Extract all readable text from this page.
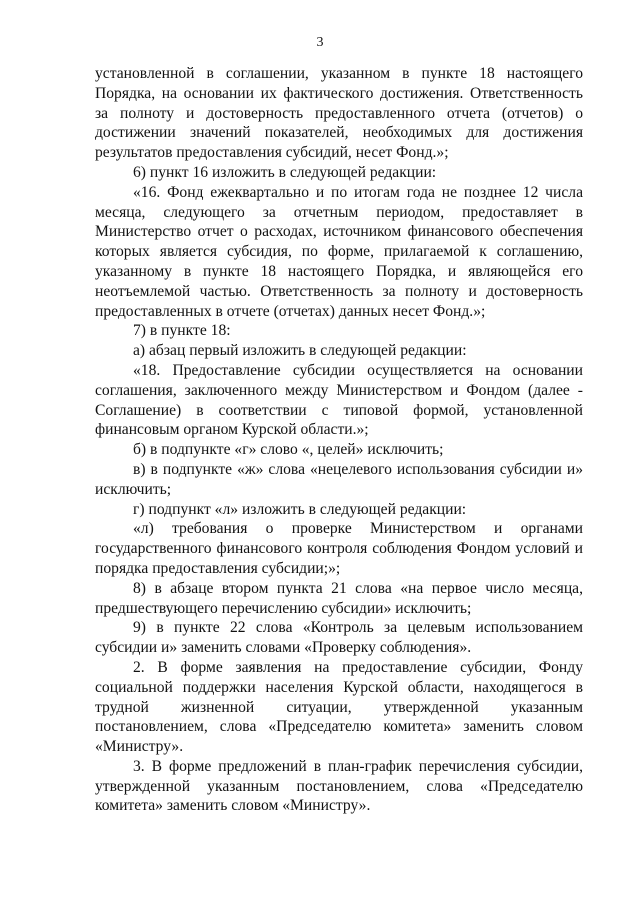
3

установленной в соглашении, указанном в пункте 18 настоящего Порядка, на основании их фактического достижения. Ответственность за полноту и достоверность предоставленного отчета (отчетов) о достижении значений показателей, необходимых для достижения результатов предоставления субсидий, несет Фонд.»;

6) пункт 16 изложить в следующей редакции:

«16. Фонд ежеквартально и по итогам года не позднее 12 числа месяца, следующего за отчетным периодом, предоставляет в Министерство отчет о расходах, источником финансового обеспечения которых является субсидия, по форме, прилагаемой к соглашению, указанному в пункте 18 настоящего Порядка, и являющейся его неотъемлемой частью. Ответственность за полноту и достоверность предоставленных в отчете (отчетах) данных несет Фонд.»;

7) в пункте 18:

а) абзац первый изложить в следующей редакции:

«18. Предоставление субсидии осуществляется на основании соглашения, заключенного между Министерством и Фондом (далее - Соглашение) в соответствии с типовой формой, установленной финансовым органом Курской области.»;

б) в подпункте «г» слово «, целей» исключить;

в) в подпункте «ж» слова «нецелевого использования субсидии и» исключить;

г) подпункт «л» изложить в следующей редакции:

«л) требования о проверке Министерством и органами государственного финансового контроля соблюдения Фондом условий и порядка предоставления субсидии;»;

8) в абзаце втором пункта 21 слова «на первое число месяца, предшествующего перечислению субсидии» исключить;

9) в пункте 22 слова «Контроль за целевым использованием субсидии и» заменить словами «Проверку соблюдения».

2. В форме заявления на предоставление субсидии, Фонду социальной поддержки населения Курской области, находящегося в трудной жизненной ситуации, утвержденной указанным постановлением, слова «Председателю комитета» заменить словом «Министру».

3. В форме предложений в план-график перечисления субсидии, утвержденной указанным постановлением, слова «Председателю комитета» заменить словом «Министру».
